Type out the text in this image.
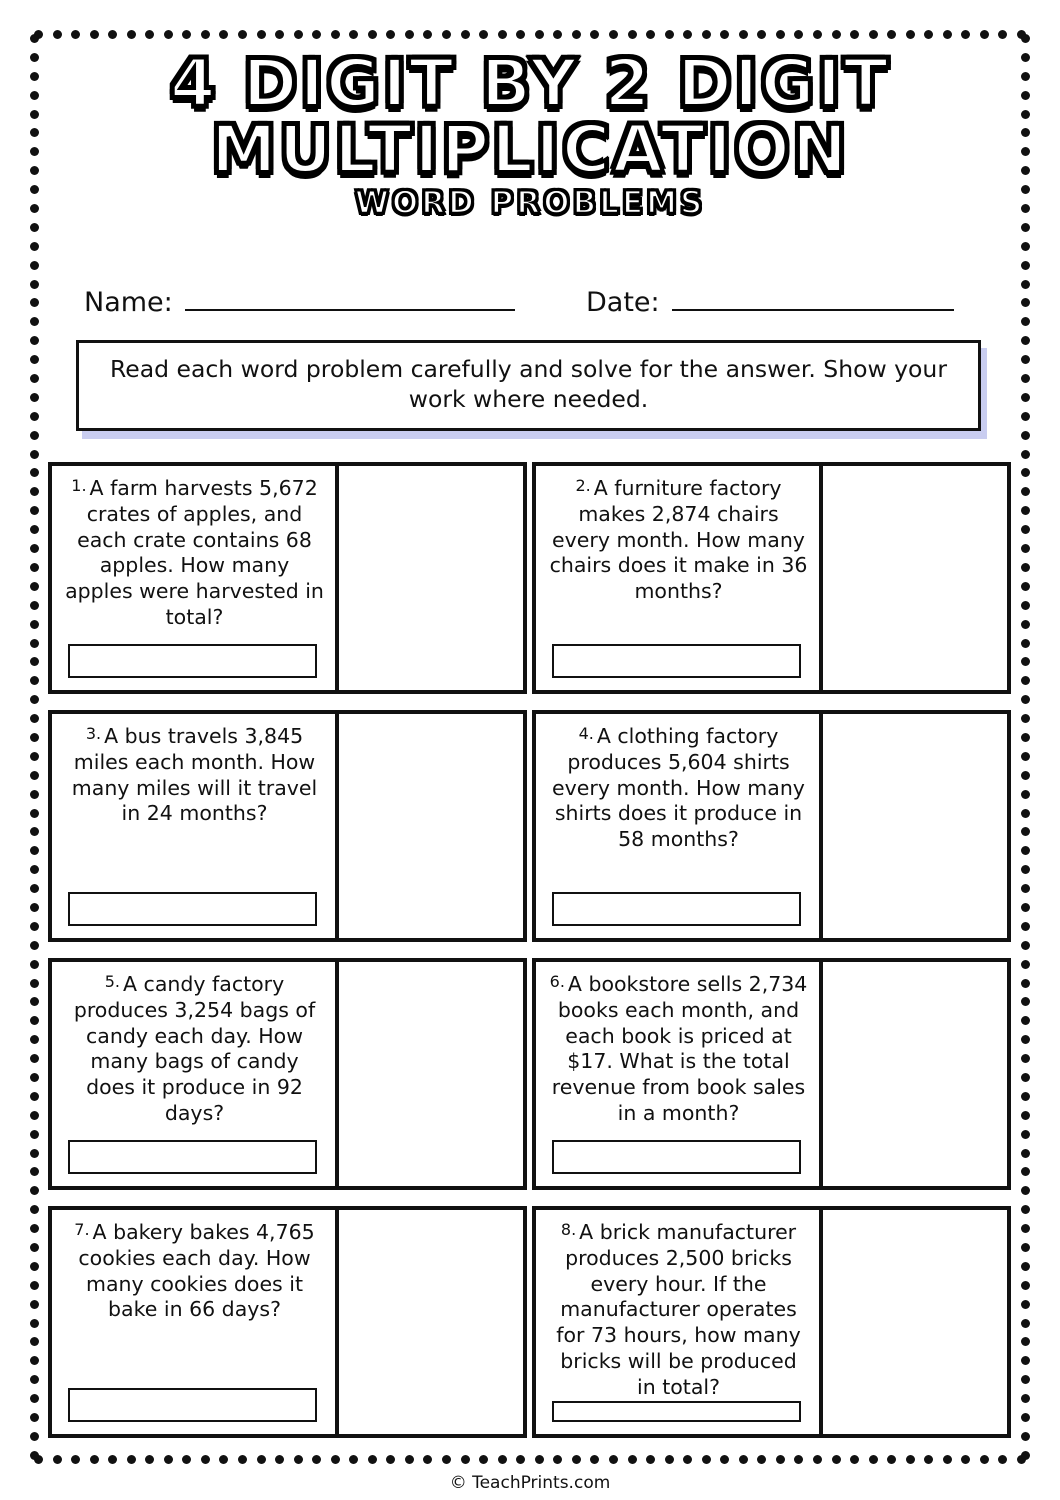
4 DIGIT BY 2 DIGIT
MULTIPLICATION
WORD PROBLEMS
Name:	Date:
Read each word problem carefully and solve for the answer. Show your work where needed.
$^{1.}$ A farm harvests 5,672 crates of apples, and each crate contains 68 apples. How many apples were harvested in total?
$^{2.}$ A furniture factory makes 2,874 chairs every month. How many chairs does it make in 36 months?
$^{3.}$ A bus travels 3,845 miles each month. How many miles will it travel in 24 months?
$^{4.}$ A clothing factory produces 5,604 shirts every month. How many shirts does it produce in 58 months?
$^{5.}$ A candy factory produces 3,254 bags of candy each day. How many bags of candy does it produce in 92 days?
$^{6.}$ A bookstore sells 2,734 books each month, and each book is priced at $17. What is the total revenue from book sales in a month?
$^{7.}$ A bakery bakes 4,765 cookies each day. How many cookies does it bake in 66 days?
$^{8.}$ A brick manufacturer produces 2,500 bricks every hour. If the manufacturer operates for 73 hours, how many bricks will be produced in total?
© TeachPrints.com
